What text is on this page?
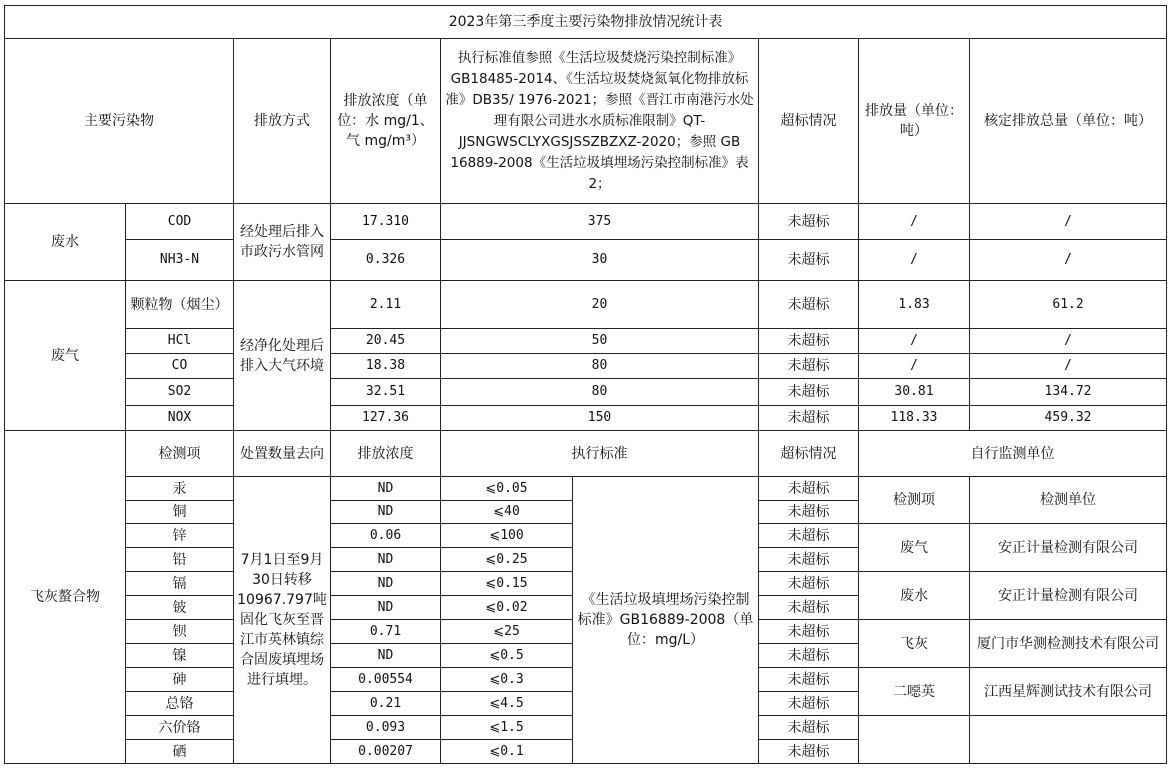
2023年第三季度主要污染物排放情况统计表								
主要污染物		排放方式	排放浓度（单位：水 mg/1、气 mg/m³）	执行标准值参照《生活垃圾焚烧污染控制标准》GB18485-2014、《生活垃圾焚烧氮氧化物排放标准》DB35/ 1976-2021；参照《晋江市南港污水处理有限公司进水水质标准限制》QT-JJSNGWSCLYXGSJSSZBZXZ-2020；参照 GB 16889-2008《生活垃圾填埋场污染控制标准》表 2；		超标情况	排放量（单位：吨）	核定排放总量（单位：吨）
废水	COD	经处理后排入市政污水管网	17.310	375		未超标	/	/
	NH3-N		0.326	30		未超标	/	/
废气	颗粒物（烟尘）	经净化处理后排入大气环境	2.11	20		未超标	1.83	61.2
	HCl		20.45	50		未超标	/	/
	CO		18.38	80		未超标	/	/
	SO2		32.51	80		未超标	30.81	134.72
	NOX		127.36	150		未超标	118.33	459.32
飞灰螯合物	检测项	处置数量去向	排放浓度	执行标准		超标情况	自行监测单位	
	汞	7月1日至9月30日转移10967.797吨固化飞灰至晋江市英林镇综合固废填埋场进行填埋。	ND	⩽0.05	《生活垃圾填埋场污染控制标准》GB16889-2008（单位：mg/L）	未超标	检测项	检测单位
	铜		ND	⩽40		未超标		
	锌		0.06	⩽100		未超标	废气	安正计量检测有限公司
	铅		ND	⩽0.25		未超标		
	镉		ND	⩽0.15		未超标	废水	安正计量检测有限公司
	铍		ND	⩽0.02		未超标		
	钡		0.71	⩽25		未超标	飞灰	厦门市华测检测技术有限公司
	镍		ND	⩽0.5		未超标		
	砷		0.00554	⩽0.3		未超标	二噁英	江西星辉测试技术有限公司
	总铬		0.21	⩽4.5		未超标		
	六价铬		0.093	⩽1.5		未超标		
	硒		0.00207	⩽0.1		未超标		
